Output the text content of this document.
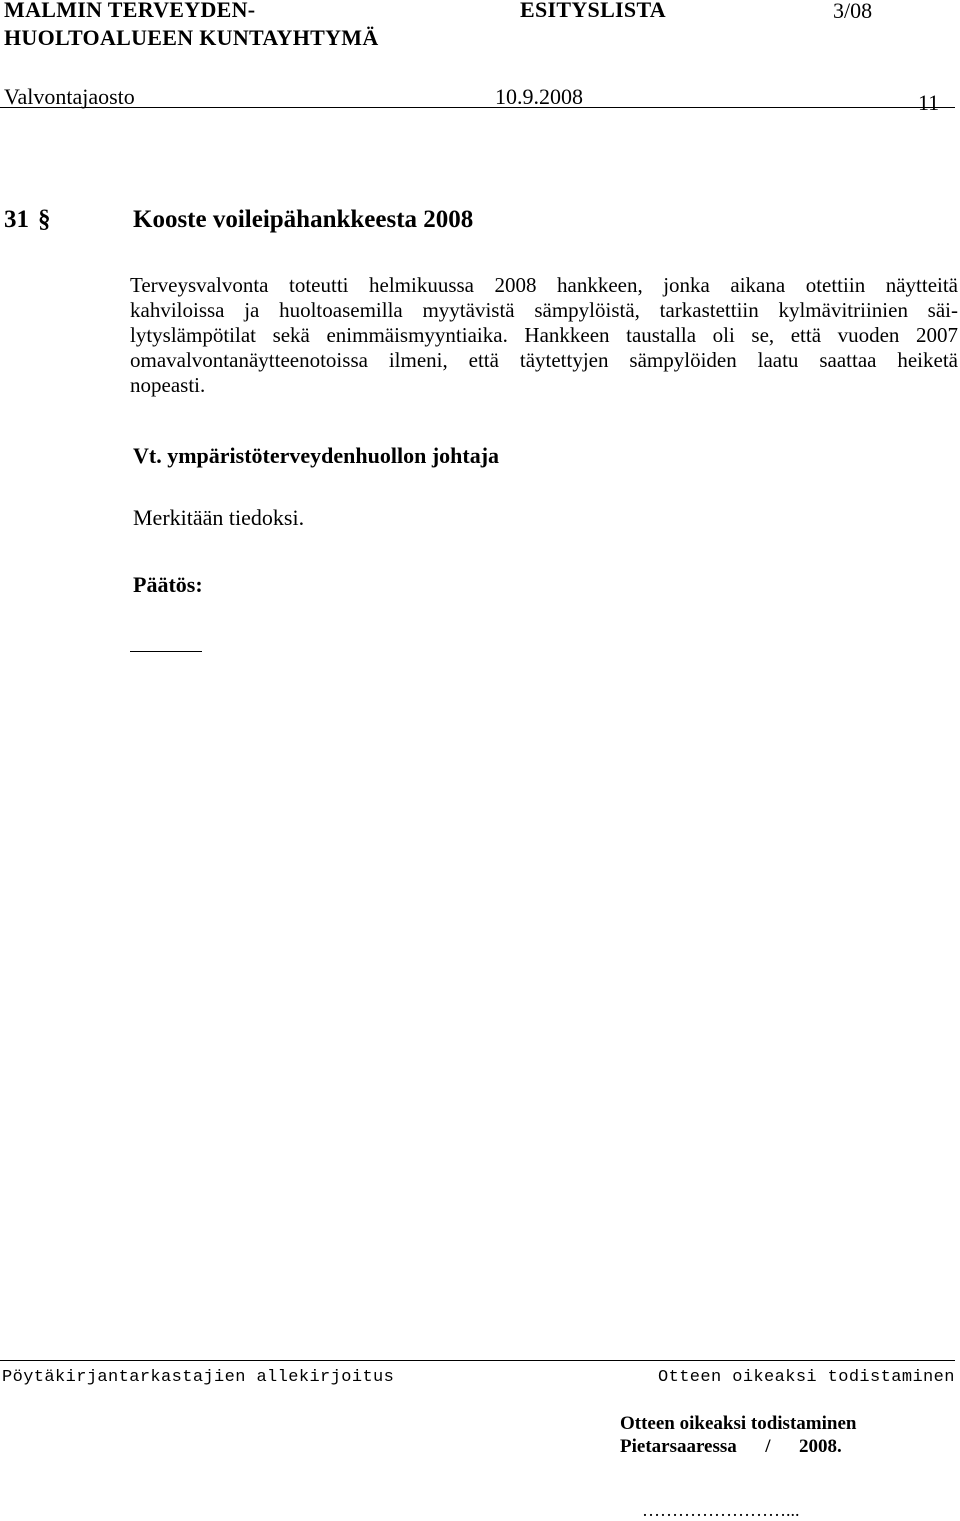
MALMIN TERVEYDEN-
HUOLTOALUEEN KUNTAYHTYMÄ
ESITYSLISTA	3/08
Valvontajaosto	10.9.2008	11
31 §	Kooste voileipähankkeesta 2008
Terveysvalvonta toteutti helmikuussa 2008 hankkeen, jonka aikana otettiin näytteitä
kahviloissa ja huoltoasemilla myytävistä sämpylöistä, tarkastettiin kylmävitriinien säi-
lytyslämpötilat sekä enimmäismyyntiaika. Hankkeen taustalla oli se, että vuoden 2007
omavalvontanäytteenotoissa ilmeni, että täytettyjen sämpylöiden laatu saattaa heiketä
nopeasti.
Vt. ympäristöterveydenhuollon johtaja
Merkitään tiedoksi.
Päätös:
Pöytäkirjantarkastajien allekirjoitus	Otteen oikeaksi todistaminen
Otteen oikeaksi todistaminen
Pietarsaaressa      /      2008.
……………………...
